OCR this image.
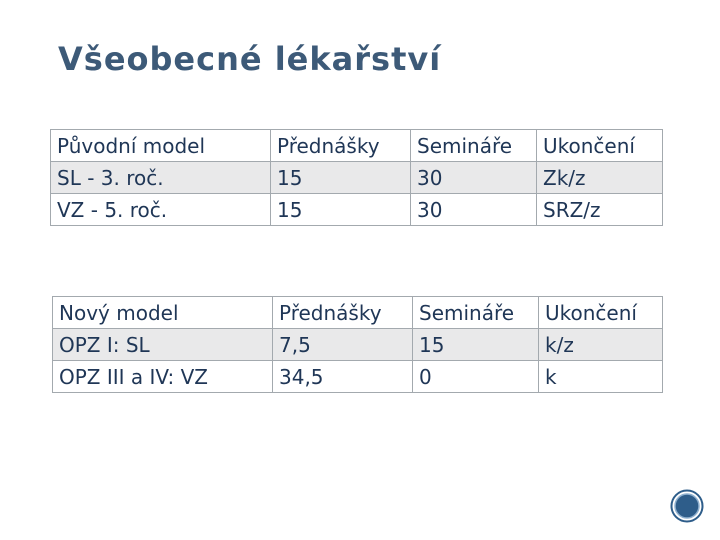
Všeobecné lékařství
Původní model	Přednášky	Semináře	Ukončení
SL - 3. roč.	15	30	Zk/z
VZ - 5. roč.	15	30	SRZ/z
Nový model	Přednášky	Semináře	Ukončení
OPZ I: SL	7,5	15	k/z
OPZ III a IV: VZ	34,5	0	k
